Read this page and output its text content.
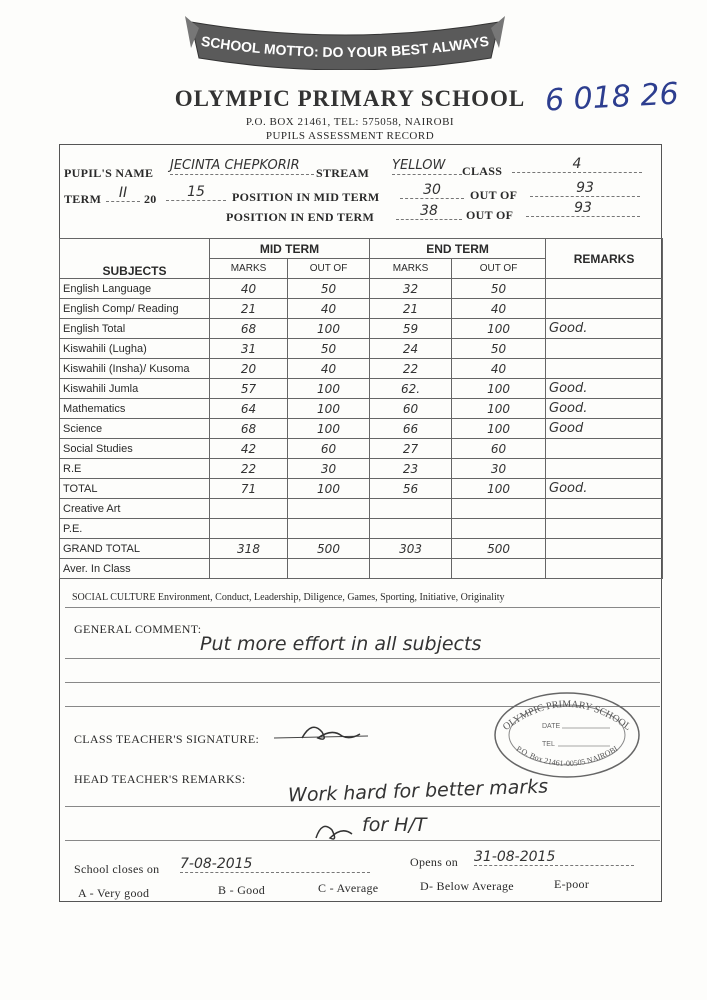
SCHOOL MOTTO: DO YOUR BEST ALWAYS
OLYMPIC PRIMARY SCHOOL 6 018 26
P.O. BOX 21461, TEL: 575058, NAIROBI
PUPILS ASSESSMENT RECORD
PUPIL'S NAME JECINTA CHEPKORIR	STREAM YELLOW	CLASS	4
TERM	II	20	15	POSITION IN MID TERM	30	OUT OF	93
POSITION IN END TERM	38	OUT OF	93
SUBJECTS	MID TERM		END TERM		REMARKS
	MARKS	OUT OF	MARKS	OUT OF	
English Language	40	50	32	50	
English Comp/ Reading	21	40	21	40	
English Total	68	100	59	100	Good.
Kiswahili (Lugha)	31	50	24	50	
Kiswahili (Insha)/ Kusoma	20	40	22	40	
Kiswahili Jumla	57	100	62.	100	Good.
Mathematics	64	100	60	100	Good.
Science	68	100	66	100	Good
Social Studies	42	60	27	60	
R.E	22	30	23	30	
TOTAL	71	100	56	100	Good.
Creative Art					
P.E.					
GRAND TOTAL	318	500	303	500	
Aver. In Class					
SOCIAL CULTURE Environment, Conduct, Leadership, Diligence, Games, Sporting, Initiative, Originality
GENERAL COMMENT:
Put more effort in all subjects
CLASS TEACHER'S SIGNATURE:
OLYMPIC PRIMARY SCHOOL
P.O. Box 21461-00505 NAIROBI
DATE
TEL
HEAD TEACHER'S REMARKS: Work hard for better marks
for H/T
School closes on 7-08-2015	Opens on 31-08-2015
A - Very good	B - Good	C - Average	D- Below Average	E-poor
